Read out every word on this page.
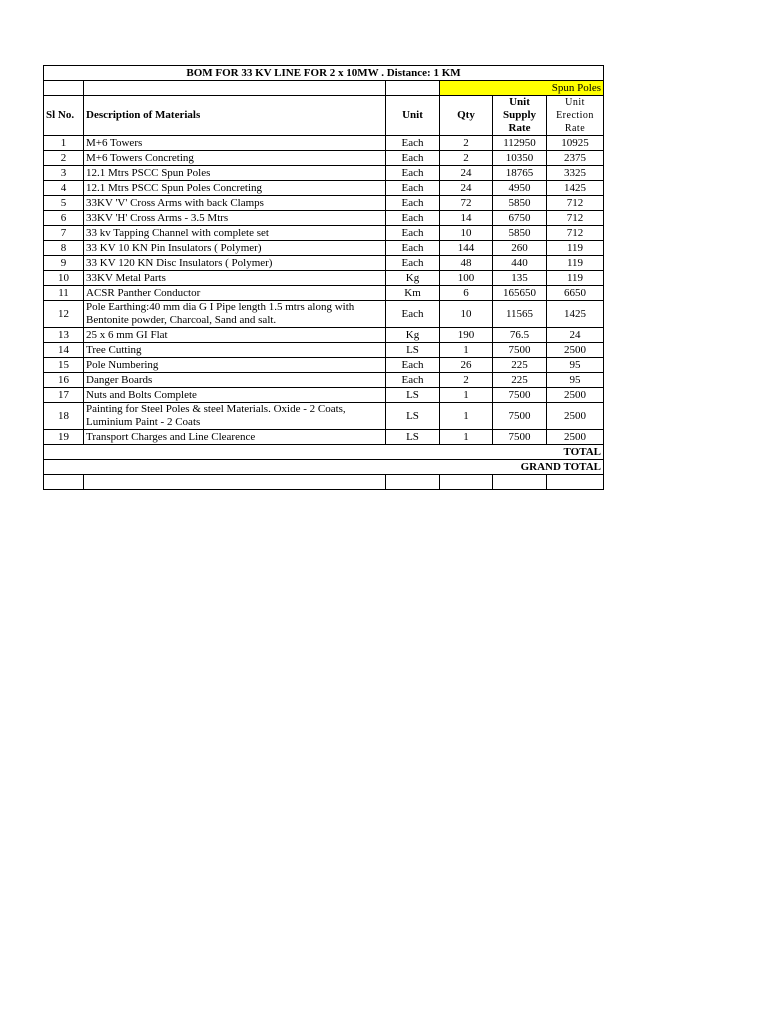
BOM FOR 33 KV LINE FOR 2 x 10MW . Distance: 1 KM					
			Spun Poles		
Sl No.	Description of Materials	Unit	Qty	Unit Supply Rate	Unit Erection Rate
1	M+6 Towers	Each	2	112950	10925
2	M+6 Towers Concreting	Each	2	10350	2375
3	12.1 Mtrs PSCC Spun Poles	Each	24	18765	3325
4	12.1 Mtrs PSCC Spun Poles Concreting	Each	24	4950	1425
5	33KV 'V' Cross Arms with back Clamps	Each	72	5850	712
6	33KV 'H' Cross Arms - 3.5 Mtrs	Each	14	6750	712
7	33 kv Tapping Channel with complete set	Each	10	5850	712
8	33 KV 10 KN Pin Insulators ( Polymer)	Each	144	260	119
9	33 KV 120 KN Disc Insulators ( Polymer)	Each	48	440	119
10	33KV Metal Parts	Kg	100	135	119
11	ACSR Panther Conductor	Km	6	165650	6650
12	Pole Earthing:40 mm dia G I Pipe length 1.5 mtrs along with Bentonite powder, Charcoal, Sand and salt.	Each	10	11565	1425
13	25 x 6 mm GI Flat	Kg	190	76.5	24
14	Tree Cutting	LS	1	7500	2500
15	Pole Numbering	Each	26	225	95
16	Danger Boards	Each	2	225	95
17	Nuts and Bolts Complete	LS	1	7500	2500
18	Painting for Steel Poles & steel Materials. Oxide - 2 Coats, Luminium Paint - 2 Coats	LS	1	7500	2500
19	Transport Charges and Line Clearence	LS	1	7500	2500
TOTAL					
GRAND TOTAL					
